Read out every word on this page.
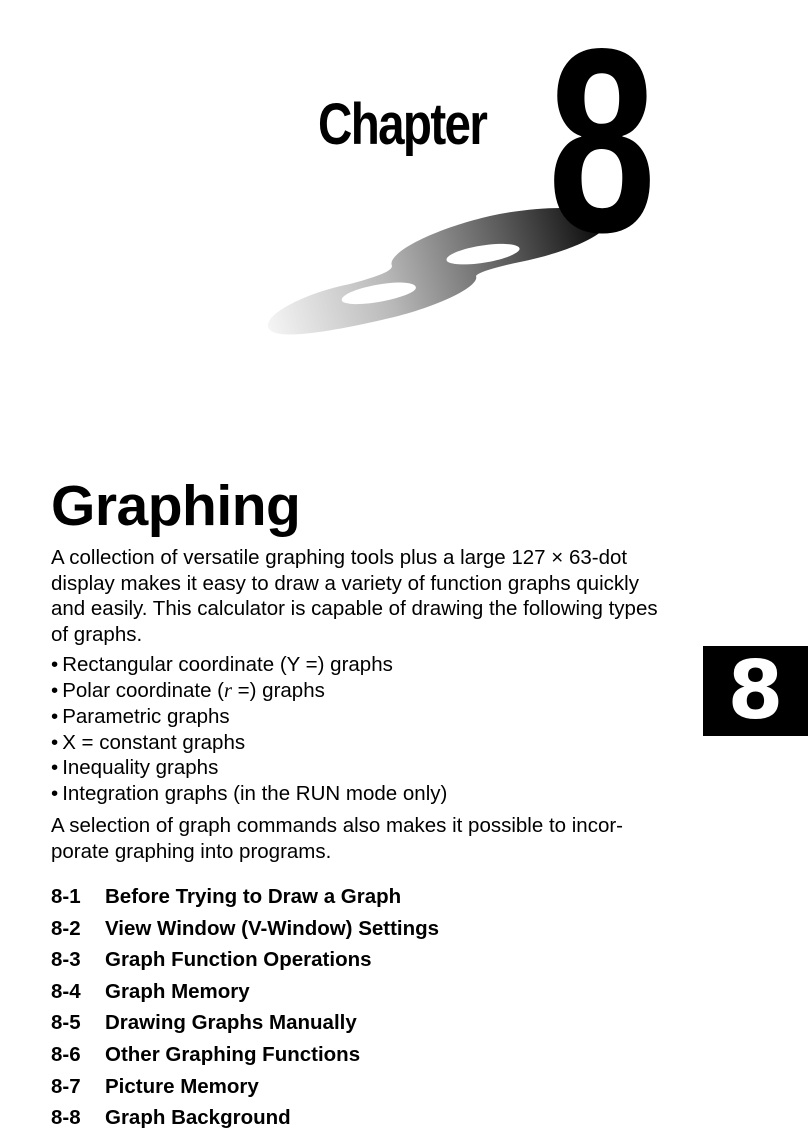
Chapter 8
Graphing

A collection of versatile graphing tools plus a large 127 × 63-dot display makes it easy to draw a variety of function graphs quickly and easily. This calculator is capable of drawing the following types of graphs.

• Rectangular coordinate (Y =) graphs
• Polar coordinate (r =) graphs
• Parametric graphs
• X = constant graphs
• Inequality graphs
• Integration graphs (in the RUN mode only)

A selection of graph commands also makes it possible to incor-porate graphing into programs.

8-1 Before Trying to Draw a Graph
8-2 View Window (V-Window) Settings
8-3 Graph Function Operations
8-4 Graph Memory
8-5 Drawing Graphs Manually
8-6 Other Graphing Functions
8-7 Picture Memory
8-8 Graph Background
8
